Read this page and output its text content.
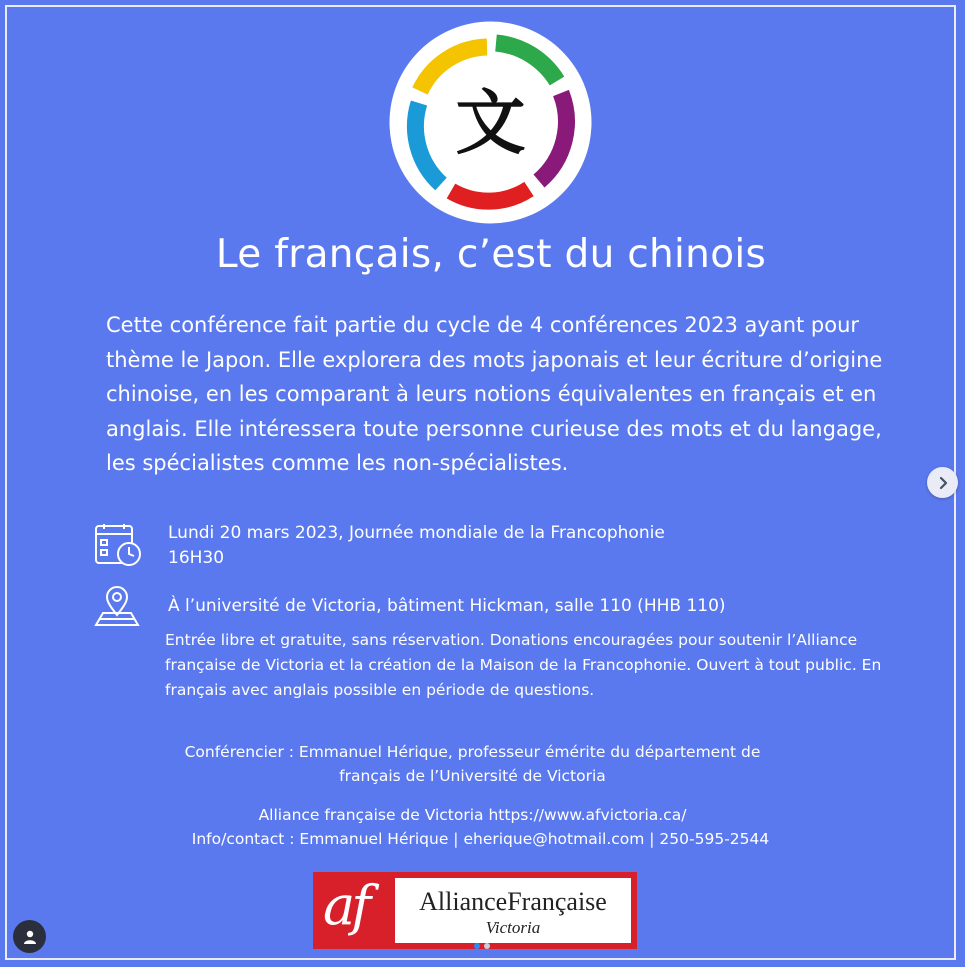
文
Le français, c’est du chinois
Cette conférence fait partie du cycle de 4 conférences 2023 ayant pour thème le Japon. Elle explorera des mots japonais et leur écriture d’origine chinoise, en les comparant à leurs notions équivalentes en français et en anglais. Elle intéressera toute personne curieuse des mots et du langage, les spécialistes comme les non-spécialistes.
Lundi 20 mars 2023, Journée mondiale de la Francophonie
16H30
À l’université de Victoria, bâtiment Hickman, salle 110 (HHB 110)
Entrée libre et gratuite, sans réservation. Donations encouragées pour soutenir l’Alliance française de Victoria et la création de la Maison de la Francophonie. Ouvert à tout public. En français avec anglais possible en période de questions.
Conférencier : Emmanuel Hérique, professeur émérite du département de
français de l’Université de Victoria
Alliance française de Victoria https://www.afvictoria.ca/
Info/contact : Emmanuel Hérique | eherique@hotmail.com | 250-595-2544
af	AllianceFrançaise
Victoria
